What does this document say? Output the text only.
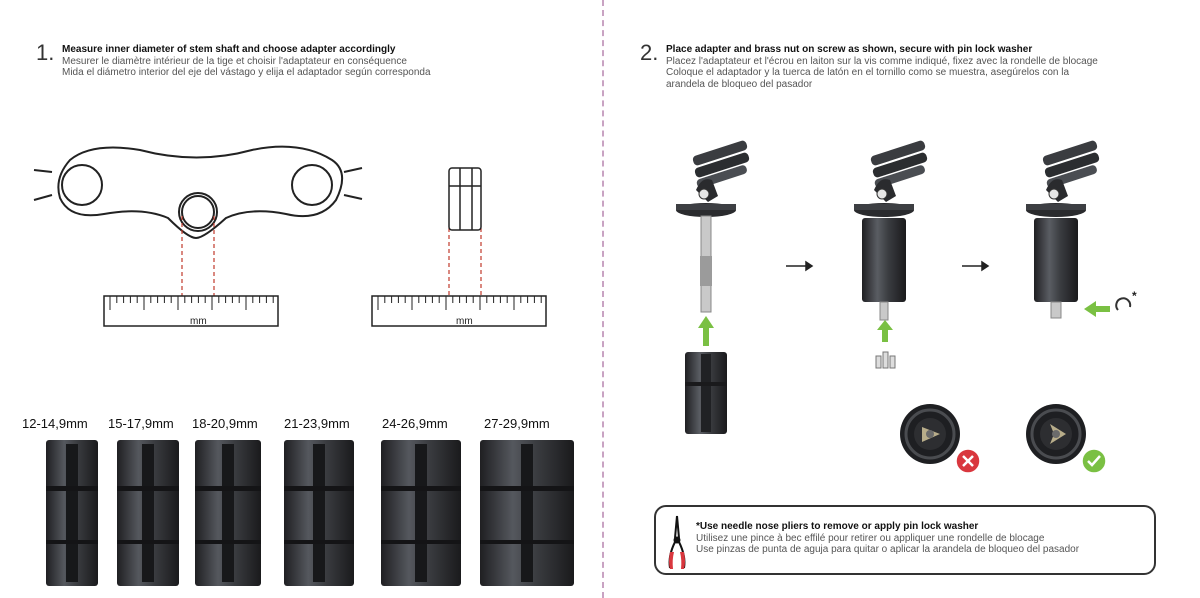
1. Measure inner diameter of stem shaft and choose adapter accordingly
Mesurer le diamètre intérieur de la tige et choisir l'adaptateur en conséquence
Mida el diámetro interior del eje del vástago y elija el adaptador según corresponda
mm	mm
12-14,9mm 15-17,9mm 18-20,9mm 21-23,9mm 24-26,9mm	27-29,9mm
2. Place adapter and brass nut on screw as shown, secure with pin lock washer
Placez l'adaptateur et l'écrou en laiton sur la vis comme indiqué, fixez avec la rondelle de blocage
Coloque el adaptador y la tuerca de latón en el tornillo como se muestra, asegúrelos con la
arandela de bloqueo del pasador
*
*Use needle nose pliers to remove or apply pin lock washer
Utilisez une pince à bec effilé pour retirer ou appliquer une rondelle de blocage
Use pinzas de punta de aguja para quitar o aplicar la arandela de bloqueo del pasador
